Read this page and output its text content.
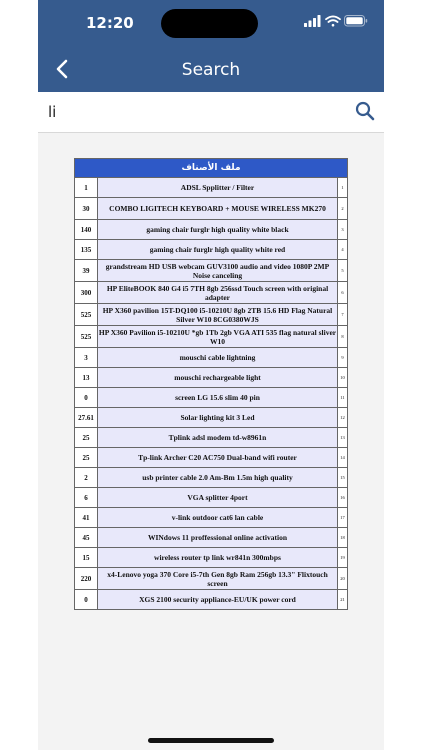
12:20
Search
li
ملف الأصناف		
1	ADSL Spplitter / Filter	1
30	COMBO LIGITECH KEYBOARD + MOUSE WIRELESS MK270	2
140	gaming chair furglr high quality white black	3
135	gaming chair furglr high quality white red	4
39	grandstream HD USB webcam GUV3100 audio and video 1080P 2MP Noise canceling	5
300	HP EliteBOOK 840 G4 i5 7TH 8gb 256ssd Touch screen with original adapter	6
525	HP X360 pavilion 15T-DQ100 i5-10210U 8gb 2TB 15.6 HD Flag Natural Silver W10 8CG0380WJS	7
525	HP X360 Pavilion i5-10210U *gb 1Tb 2gb VGA ATI 535 flag natural sliver W10	8
3	mouschi cable lightning	9
13	mouschi rechargeable light	10
0	screen LG 15.6 slim 40 pin	11
27.61	Solar lighting kit 3 Led	12
25	Tplink adsl modem td-w8961n	13
25	Tp-link Archer C20 AC750 Dual-band wifi router	14
2	usb printer cable 2.0 Am-Bm 1.5m high quality	15
6	VGA splitter 4port	16
41	v-link outdoor cat6 lan cable	17
45	WINdows 11 proffessional online activation	18
15	wireless router tp link wr841n 300mbps	19
220	x4-Lenovo yoga 370 Core i5-7th Gen 8gb Ram 256gb 13.3" Flixtouch screen	20
0	XGS 2100 security appliance-EU/UK power cord	21
